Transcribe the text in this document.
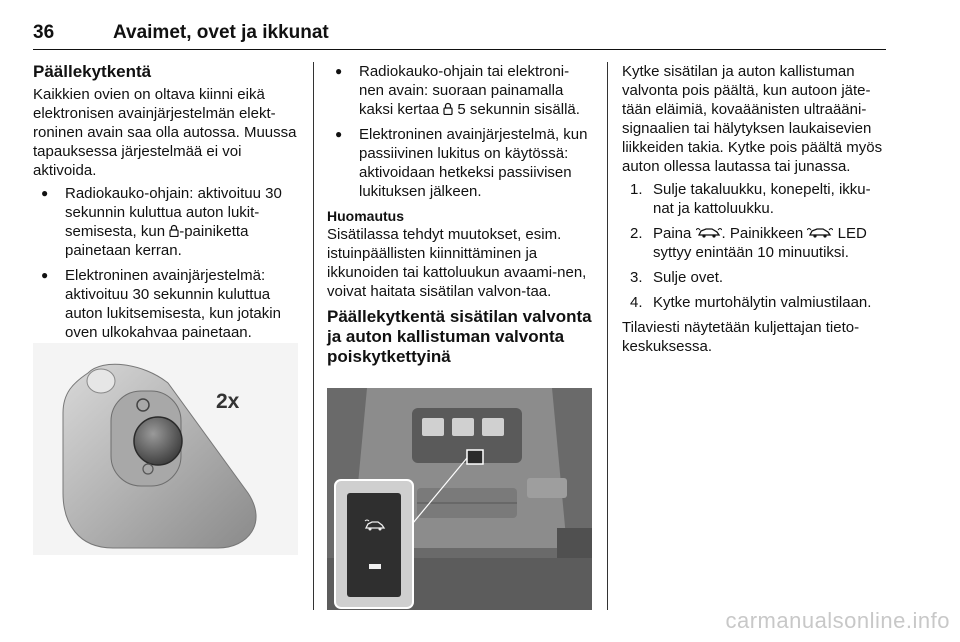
36	Avaimet, ovet ja ikkunat
Päällekytkentä

Kaikkien ovien on oltava kiinni eikä elektronisen avainjärjestelmän elekt-roninen avain saa olla autossa. Muussa tapauksessa järjestelmää ei voi aktivoida.

● Radiokauko-ohjain: aktivoituu 30 sekunnin kuluttua auton lukit-semisesta, kun -painiketta painetaan kerran.
● Elektroninen avainjärjestelmä: aktivoituu 30 sekunnin kuluttua auton lukitsemisesta, kun jotakin oven ulkokahvaa painetaan.
2x
● Radiokauko-ohjain tai elektroni-nen avain: suoraan painamalla kaksi kertaa  5 sekunnin sisällä.
● Elektroninen avainjärjestelmä, kun passiivinen lukitus on käytössä: aktivoidaan hetkeksi passiivisen lukituksen jälkeen.
Huomautus

Sisätilassa tehdyt muutokset, esim. istuinpäällisten kiinnittäminen ja ikkunoiden tai kattoluukun avaami-nen, voivat haitata sisätilan valvon-taa.

Päällekytkentä sisätilan valvonta ja auton kallistuman valvonta poiskytkettyinä

Kytke sisätilan ja auton kallistuman valvonta pois päältä, kun autoon jäte-tään eläimiä, kovaäänisten ultraääni-signaalien tai hälytyksen laukaisevien liikkeiden takia. Kytke pois päältä myös auton ollessa lautassa tai junassa.

1. Sulje takaluukku, konepelti, ikku-nat ja kattoluukku.
2. Paina . Painikkeen  LED syttyy enintään 10 minuutiksi.
3. Sulje ovet.
4. Kytke murtohälytin valmiustilaan.

Tilaviesti näytetään kuljettajan tieto-keskuksessa.

carmanualsonline.info
